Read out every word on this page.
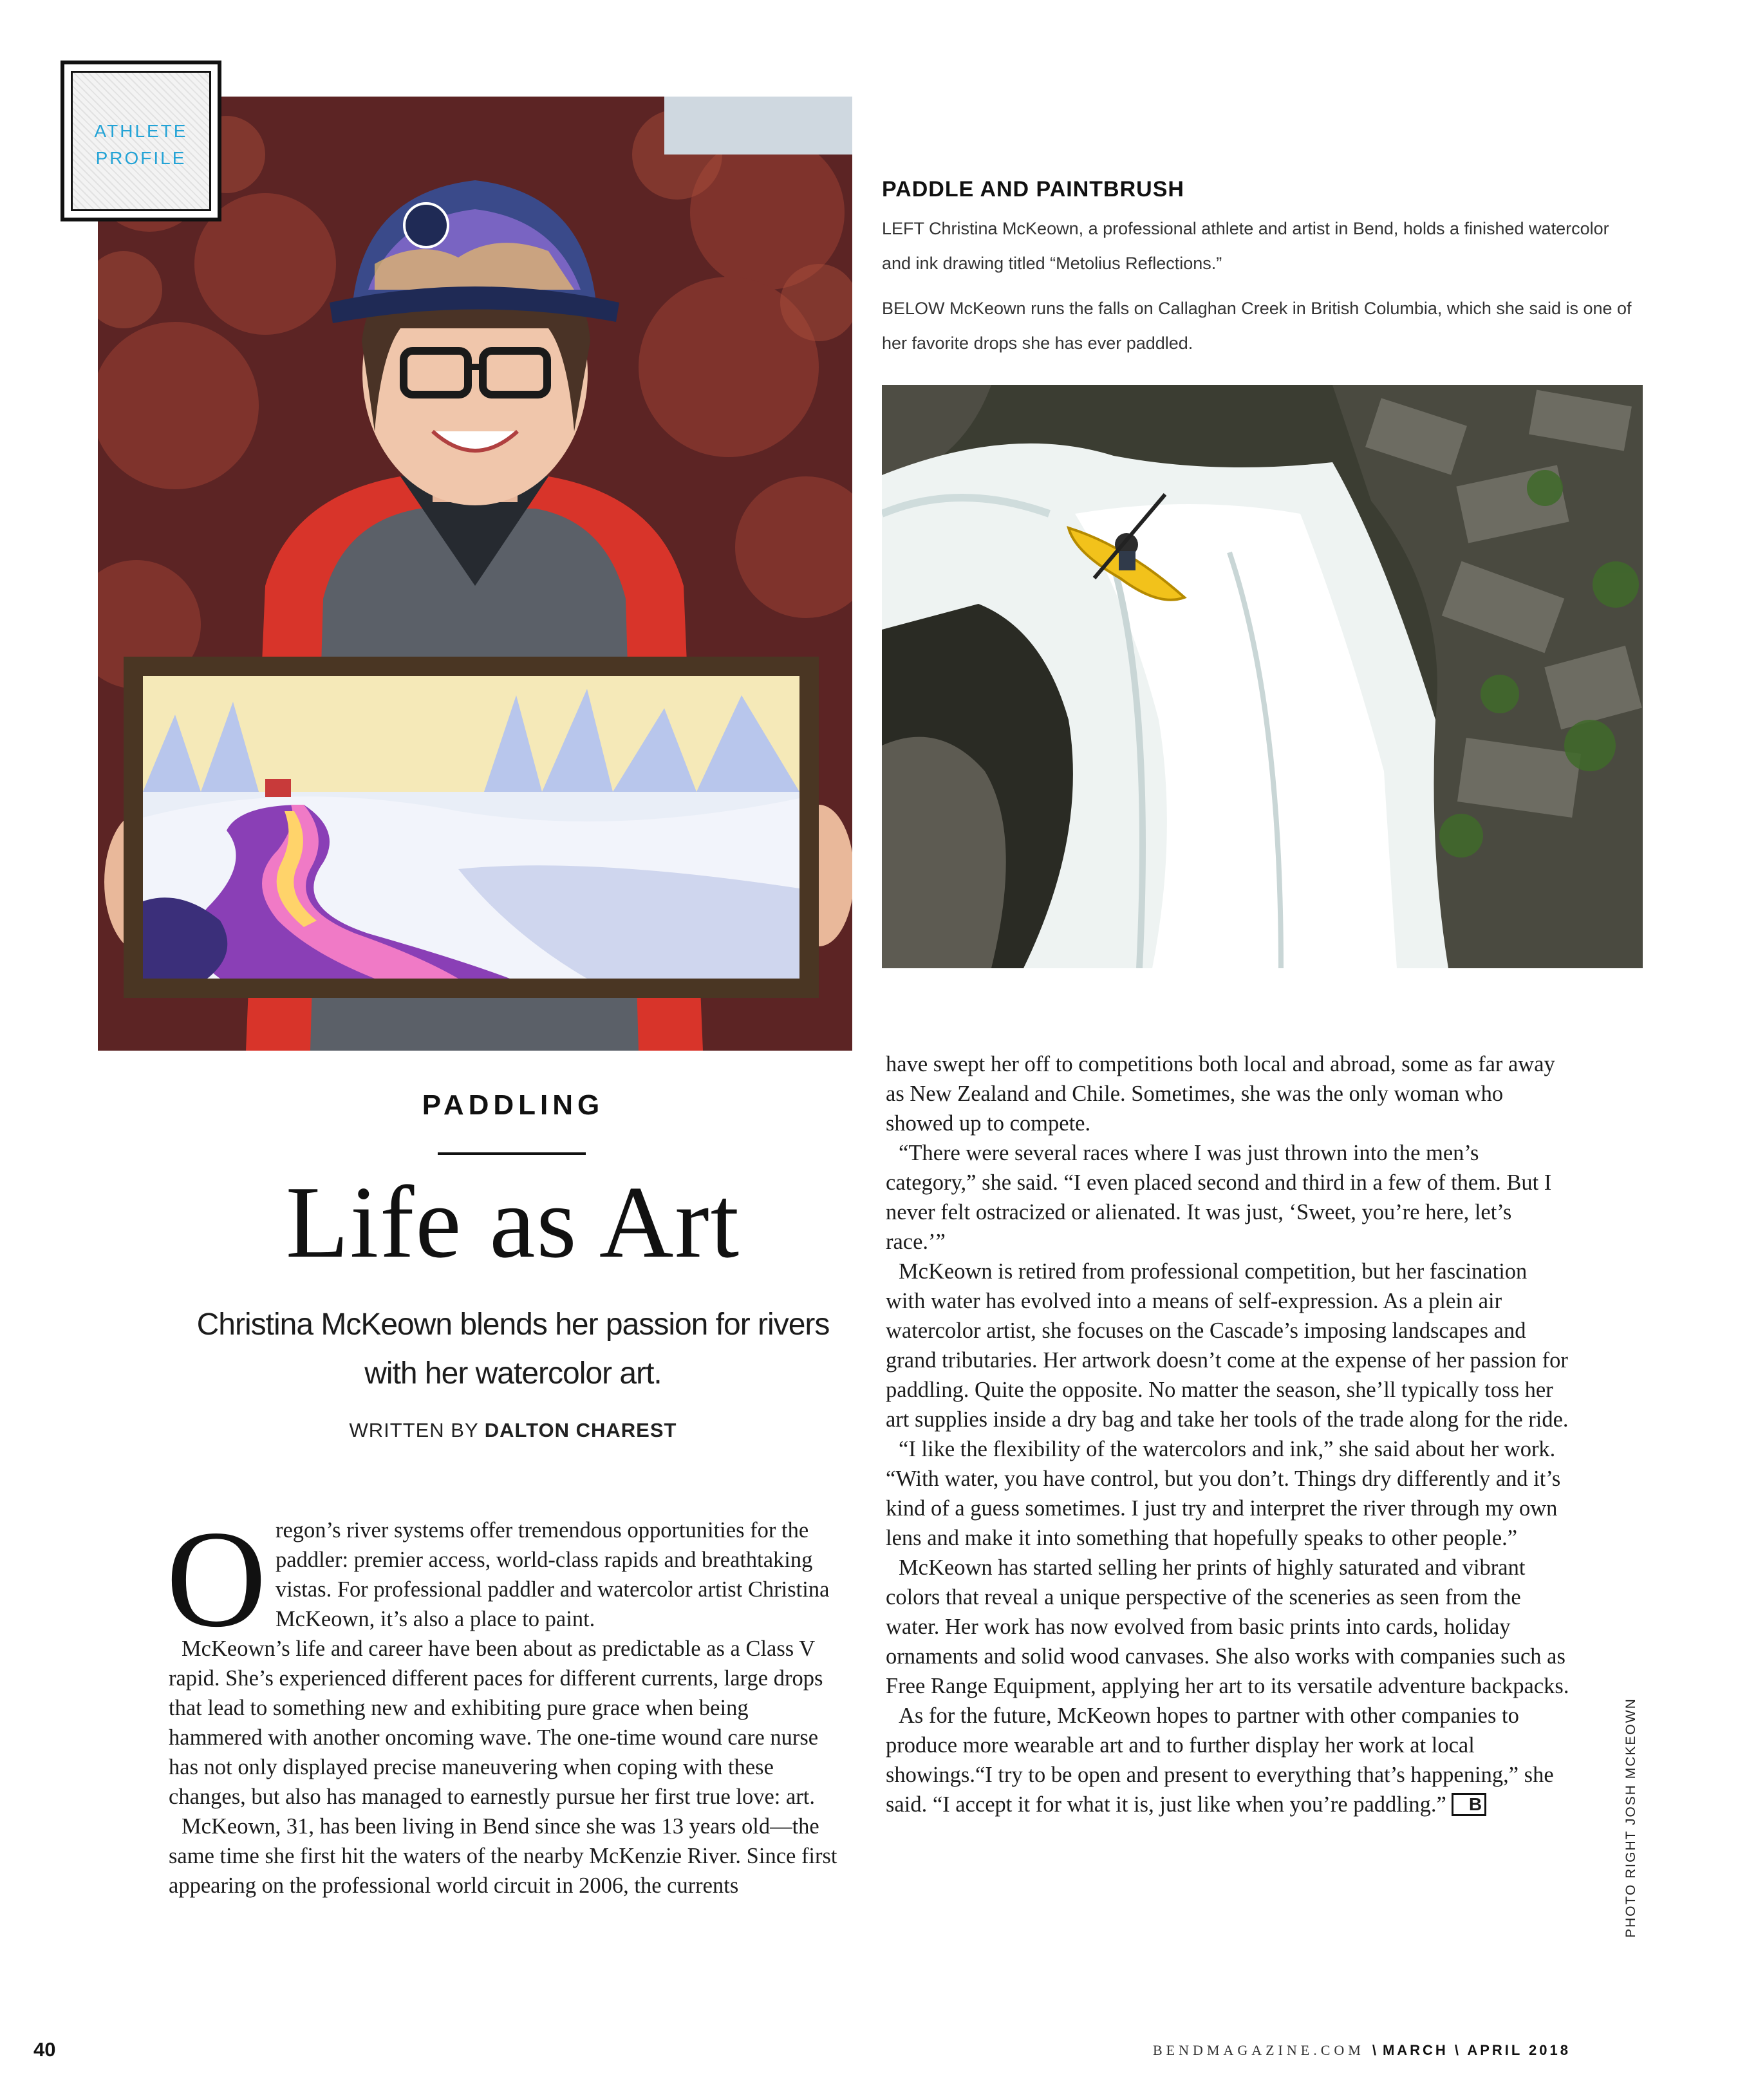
ATHLETE
PROFILE
PADDLE AND PAINTBRUSH

LEFT Christina McKeown, a professional athlete and artist in Bend, holds a finished watercolor and ink drawing titled “Metolius Reflections.”

BELOW McKeown runs the falls on Callaghan Creek in British Columbia, which she said is one of her favorite drops she has ever paddled.

PADDLING
Life as Art
Christina McKeown blends her passion for rivers with her watercolor art.
WRITTEN BY DALTON CHAREST

Oregon’s river systems offer tremendous opportunities for the paddler: premier access, world-class rapids and breathtaking vistas. For professional paddler and watercolor artist Christina McKeown, it’s also a place to paint.

McKeown’s life and career have been about as predictable as a Class V rapid. She’s experienced different paces for different currents, large drops that lead to something new and exhibiting pure grace when being hammered with another oncoming wave. The one-time wound care nurse has not only displayed precise maneuvering when coping with these changes, but also has managed to earnestly pursue her first true love: art.

McKeown, 31, has been living in Bend since she was 13 years old—the same time she first hit the waters of the nearby McKenzie River. Since first appearing on the professional world circuit in 2006, the currents

have swept her off to competitions both local and abroad, some as far away as New Zealand and Chile. Sometimes, she was the only woman who showed up to compete.

“There were several races where I was just thrown into the men’s category,” she said. “I even placed second and third in a few of them. But I never felt ostracized or alienated. It was just, ‘Sweet, you’re here, let’s race.’”

McKeown is retired from professional competition, but her fascination with water has evolved into a means of self-expression. As a plein air watercolor artist, she focuses on the Cascade’s imposing landscapes and grand tributaries. Her artwork doesn’t come at the expense of her passion for paddling. Quite the opposite. No matter the season, she’ll typically toss her art supplies inside a dry bag and take her tools of the trade along for the ride.

“I like the flexibility of the watercolors and ink,” she said about her work. “With water, you have control, but you don’t. Things dry differently and it’s kind of a guess sometimes. I just try and interpret the river through my own lens and make it into something that hopefully speaks to other people.”

McKeown has started selling her prints of highly saturated and vibrant colors that reveal a unique perspective of the sceneries as seen from the water. Her work has now evolved from basic prints into cards, holiday ornaments and solid wood canvases. She also works with companies such as Free Range Equipment, applying her art to its versatile adventure backpacks.

As for the future, McKeown hopes to partner with other companies to produce more wearable art and to further display her work at local showings.“I try to be open and present to everything that’s happening,” she said. “I accept it for what it is, just like when you’re paddling.” B	PHOTO RIGHT JOSH MCKEOWN
40	BENDMAGAZINE.COM \ MARCH \ APRIL 2018
